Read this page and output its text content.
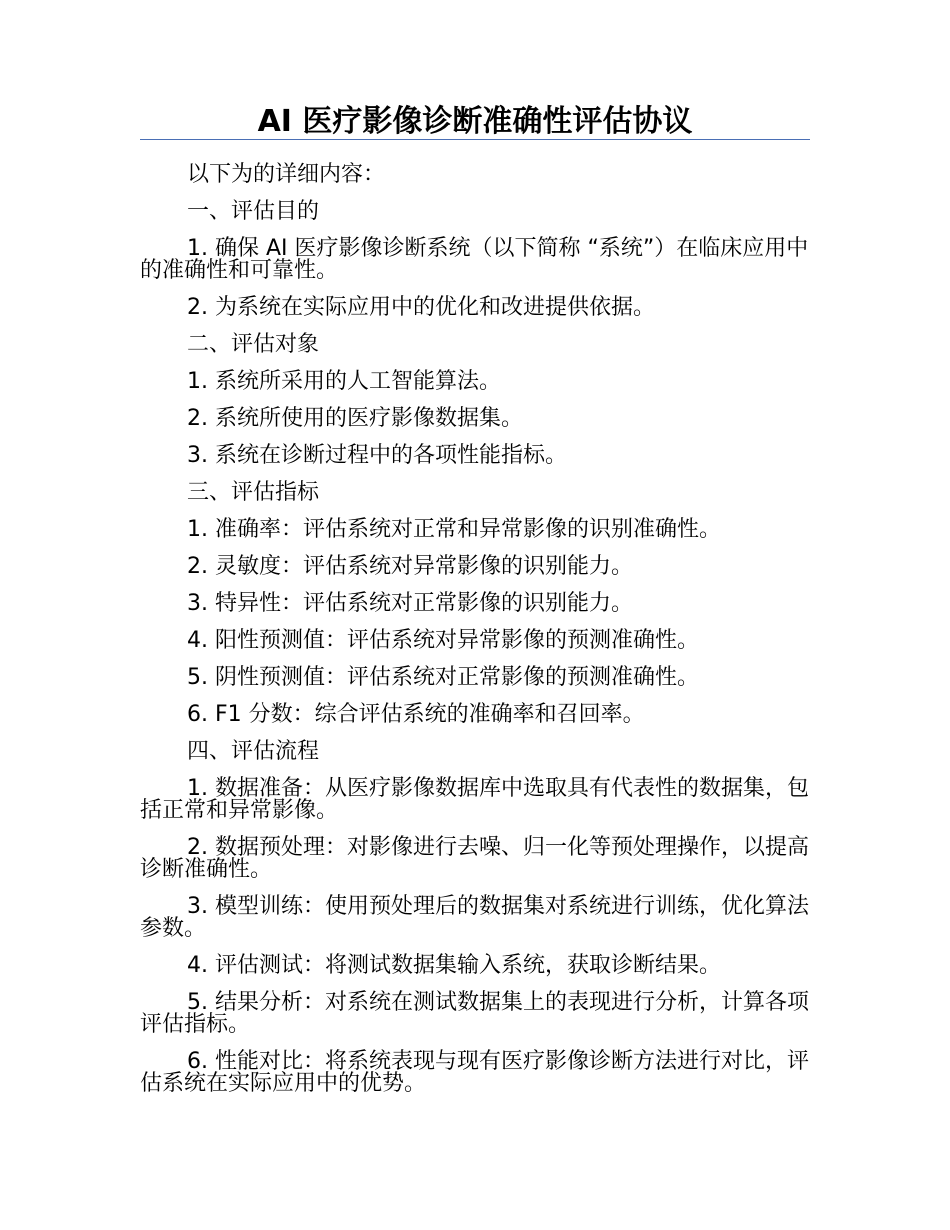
AI 医疗影像诊断准确性评估协议

以下为的详细内容：

一、评估目的

1. 确保 AI 医疗影像诊断系统（以下简称 “系统”）在临床应用中的准确性和可靠性。

2. 为系统在实际应用中的优化和改进提供依据。

二、评估对象

1. 系统所采用的人工智能算法。

2. 系统所使用的医疗影像数据集。

3. 系统在诊断过程中的各项性能指标。

三、评估指标

1. 准确率：评估系统对正常和异常影像的识别准确性。

2. 灵敏度：评估系统对异常影像的识别能力。

3. 特异性：评估系统对正常影像的识别能力。

4. 阳性预测值：评估系统对异常影像的预测准确性。

5. 阴性预测值：评估系统对正常影像的预测准确性。

6. F1 分数：综合评估系统的准确率和召回率。

四、评估流程

1. 数据准备：从医疗影像数据库中选取具有代表性的数据集，包括正常和异常影像。

2. 数据预处理：对影像进行去噪、归一化等预处理操作，以提高诊断准确性。

3. 模型训练：使用预处理后的数据集对系统进行训练，优化算法参数。

4. 评估测试：将测试数据集输入系统，获取诊断结果。

5. 结果分析：对系统在测试数据集上的表现进行分析，计算各项评估指标。

6. 性能对比：将系统表现与现有医疗影像诊断方法进行对比，评估系统在实际应用中的优势。
